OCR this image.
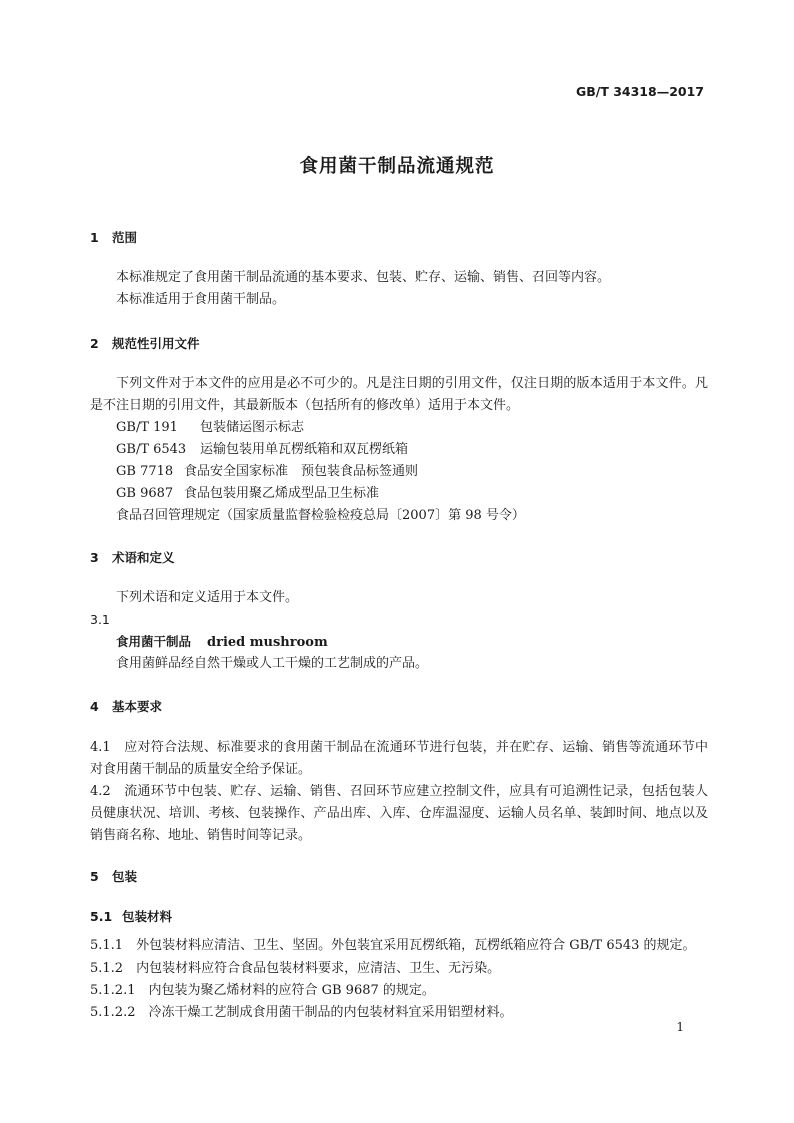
GB/T 34318—2017
食用菌干制品流通规范
1 范围
本标准规定了食用菌干制品流通的基本要求、包装、贮存、运输、销售、召回等内容。
本标准适用于食用菌干制品。
2 规范性引用文件
下列文件对于本文件的应用是必不可少的。凡是注日期的引用文件，仅注日期的版本适用于本文件。凡是不注日期的引用文件，其最新版本（包括所有的修改单）适用于本文件。
GB/T 191 包装储运图示标志
GB/T 6543 运输包装用单瓦楞纸箱和双瓦楞纸箱
GB 7718 食品安全国家标准　预包装食品标签通则
GB 9687 食品包装用聚乙烯成型品卫生标准
食品召回管理规定（国家质量监督检验检疫总局〔2007〕第 98 号令）
3 术语和定义
下列术语和定义适用于本文件。
3.1
食用菌干制品 dried mushroom
食用菌鲜品经自然干燥或人工干燥的工艺制成的产品。
4 基本要求
4.1　应对符合法规、标准要求的食用菌干制品在流通环节进行包装，并在贮存、运输、销售等流通环节中对食用菌干制品的质量安全给予保证。
4.2　流通环节中包装、贮存、运输、销售、召回环节应建立控制文件，应具有可追溯性记录，包括包装人员健康状况、培训、考核、包装操作、产品出库、入库、仓库温湿度、运输人员名单、装卸时间、地点以及销售商名称、地址、销售时间等记录。
5 包装
5.1 包装材料
5.1.1　外包装材料应清洁、卫生、坚固。外包装宜采用瓦楞纸箱，瓦楞纸箱应符合 GB/T 6543 的规定。
5.1.2　内包装材料应符合食品包装材料要求，应清洁、卫生、无污染。
5.1.2.1　内包装为聚乙烯材料的应符合 GB 9687 的规定。
5.1.2.2　冷冻干燥工艺制成食用菌干制品的内包装材料宜采用铝塑材料。
1
